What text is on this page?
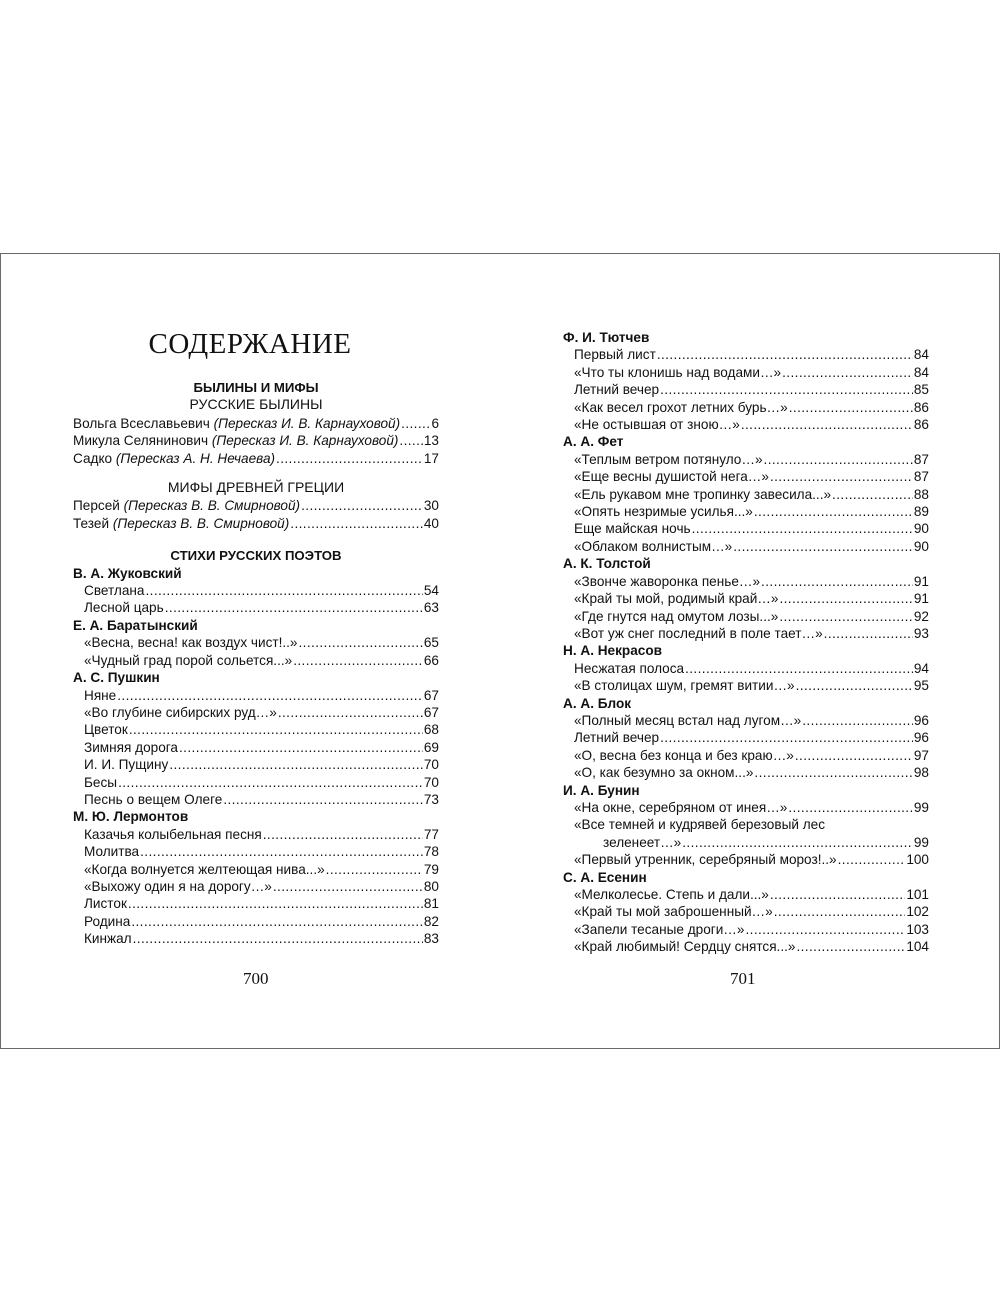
СОДЕРЖАНИЕ
БЫЛИНЫ И МИФЫ
РУССКИЕ БЫЛИНЫ
Вольга Всеславьевич (Пересказ И. В. Карнауховой) ..... 6
Микула Селянинович (Пересказ И. В. Карнауховой) ..... 13
Садко (Пересказ А. Н. Нечаева) .....	17
МИФЫ ДРЕВНЕЙ ГРЕЦИИ
Персей (Пересказ В. В. Смирновой) .....	30
Тезей (Пересказ В. В. Смирновой) .....	40
СТИХИ РУССКИХ ПОЭТОВ
В. А. Жуковский
Светлана .....	54
Лесной царь .....	63
Е. А. Баратынский
«Весна, весна! как воздух чист!..» .....	65
«Чудный град порой сольется...» .....	66
А. С. Пушкин
Няне .....	67
«Во глубине сибирских руд…» .....	67
Цветок .....	68
Зимняя дорога .....	69
И. И. Пущину .....	70
Бесы .....	70
Песнь о вещем Олеге .....	73
М. Ю. Лермонтов
Казачья колыбельная песня .....	77
Молитва .....	78
«Когда волнуется желтеющая нива...» .....	79
«Выхожу один я на дорогу…» .....	80
Листок .....	81
Родина .....	82
Кинжал .....	83
Ф. И. Тютчев
Первый лист .....	84
«Что ты клонишь над водами…» .....	84
Летний вечер .....	85
«Как весел грохот летних бурь…» .....	86
«Не остывшая от зною…» .....	86
А. А. Фет
«Теплым ветром потянуло…» .....	87
«Еще весны душистой нега…» .....	87
«Ель рукавом мне тропинку завесила...» .....	88
«Опять незримые усилья...» .....	89
Еще майская ночь .....	90
«Облаком волнистым…» .....	90
А. К. Толстой
«Звонче жаворонка пенье…» .....	91
«Край ты мой, родимый край…» .....	91
«Где гнутся над омутом лозы...» .....	92
«Вот уж снег последний в поле тает…» .....	93
Н. А. Некрасов
Несжатая полоса .....	94
«В столицах шум, гремят витии…» .....	95
А. А. Блок
«Полный месяц встал над лугом…» .....	96
Летний вечер .....	96
«О, весна без конца и без краю…» .....	97
«О, как безумно за окном...» .....	98
И. А. Бунин
«На окне, серебряном от инея…» .....	99
«Все темней и кудрявей березовый лес
зеленеет…» .....	99
«Первый утренник, серебряный мороз!..» .....	100
С. А. Есенин
«Мелколесье. Степь и дали...» .....	101
«Край ты мой заброшенный…» .....	102
«Запели тесаные дроги…» .....	103
«Край любимый! Сердцу снятся...» .....	104
700	701
